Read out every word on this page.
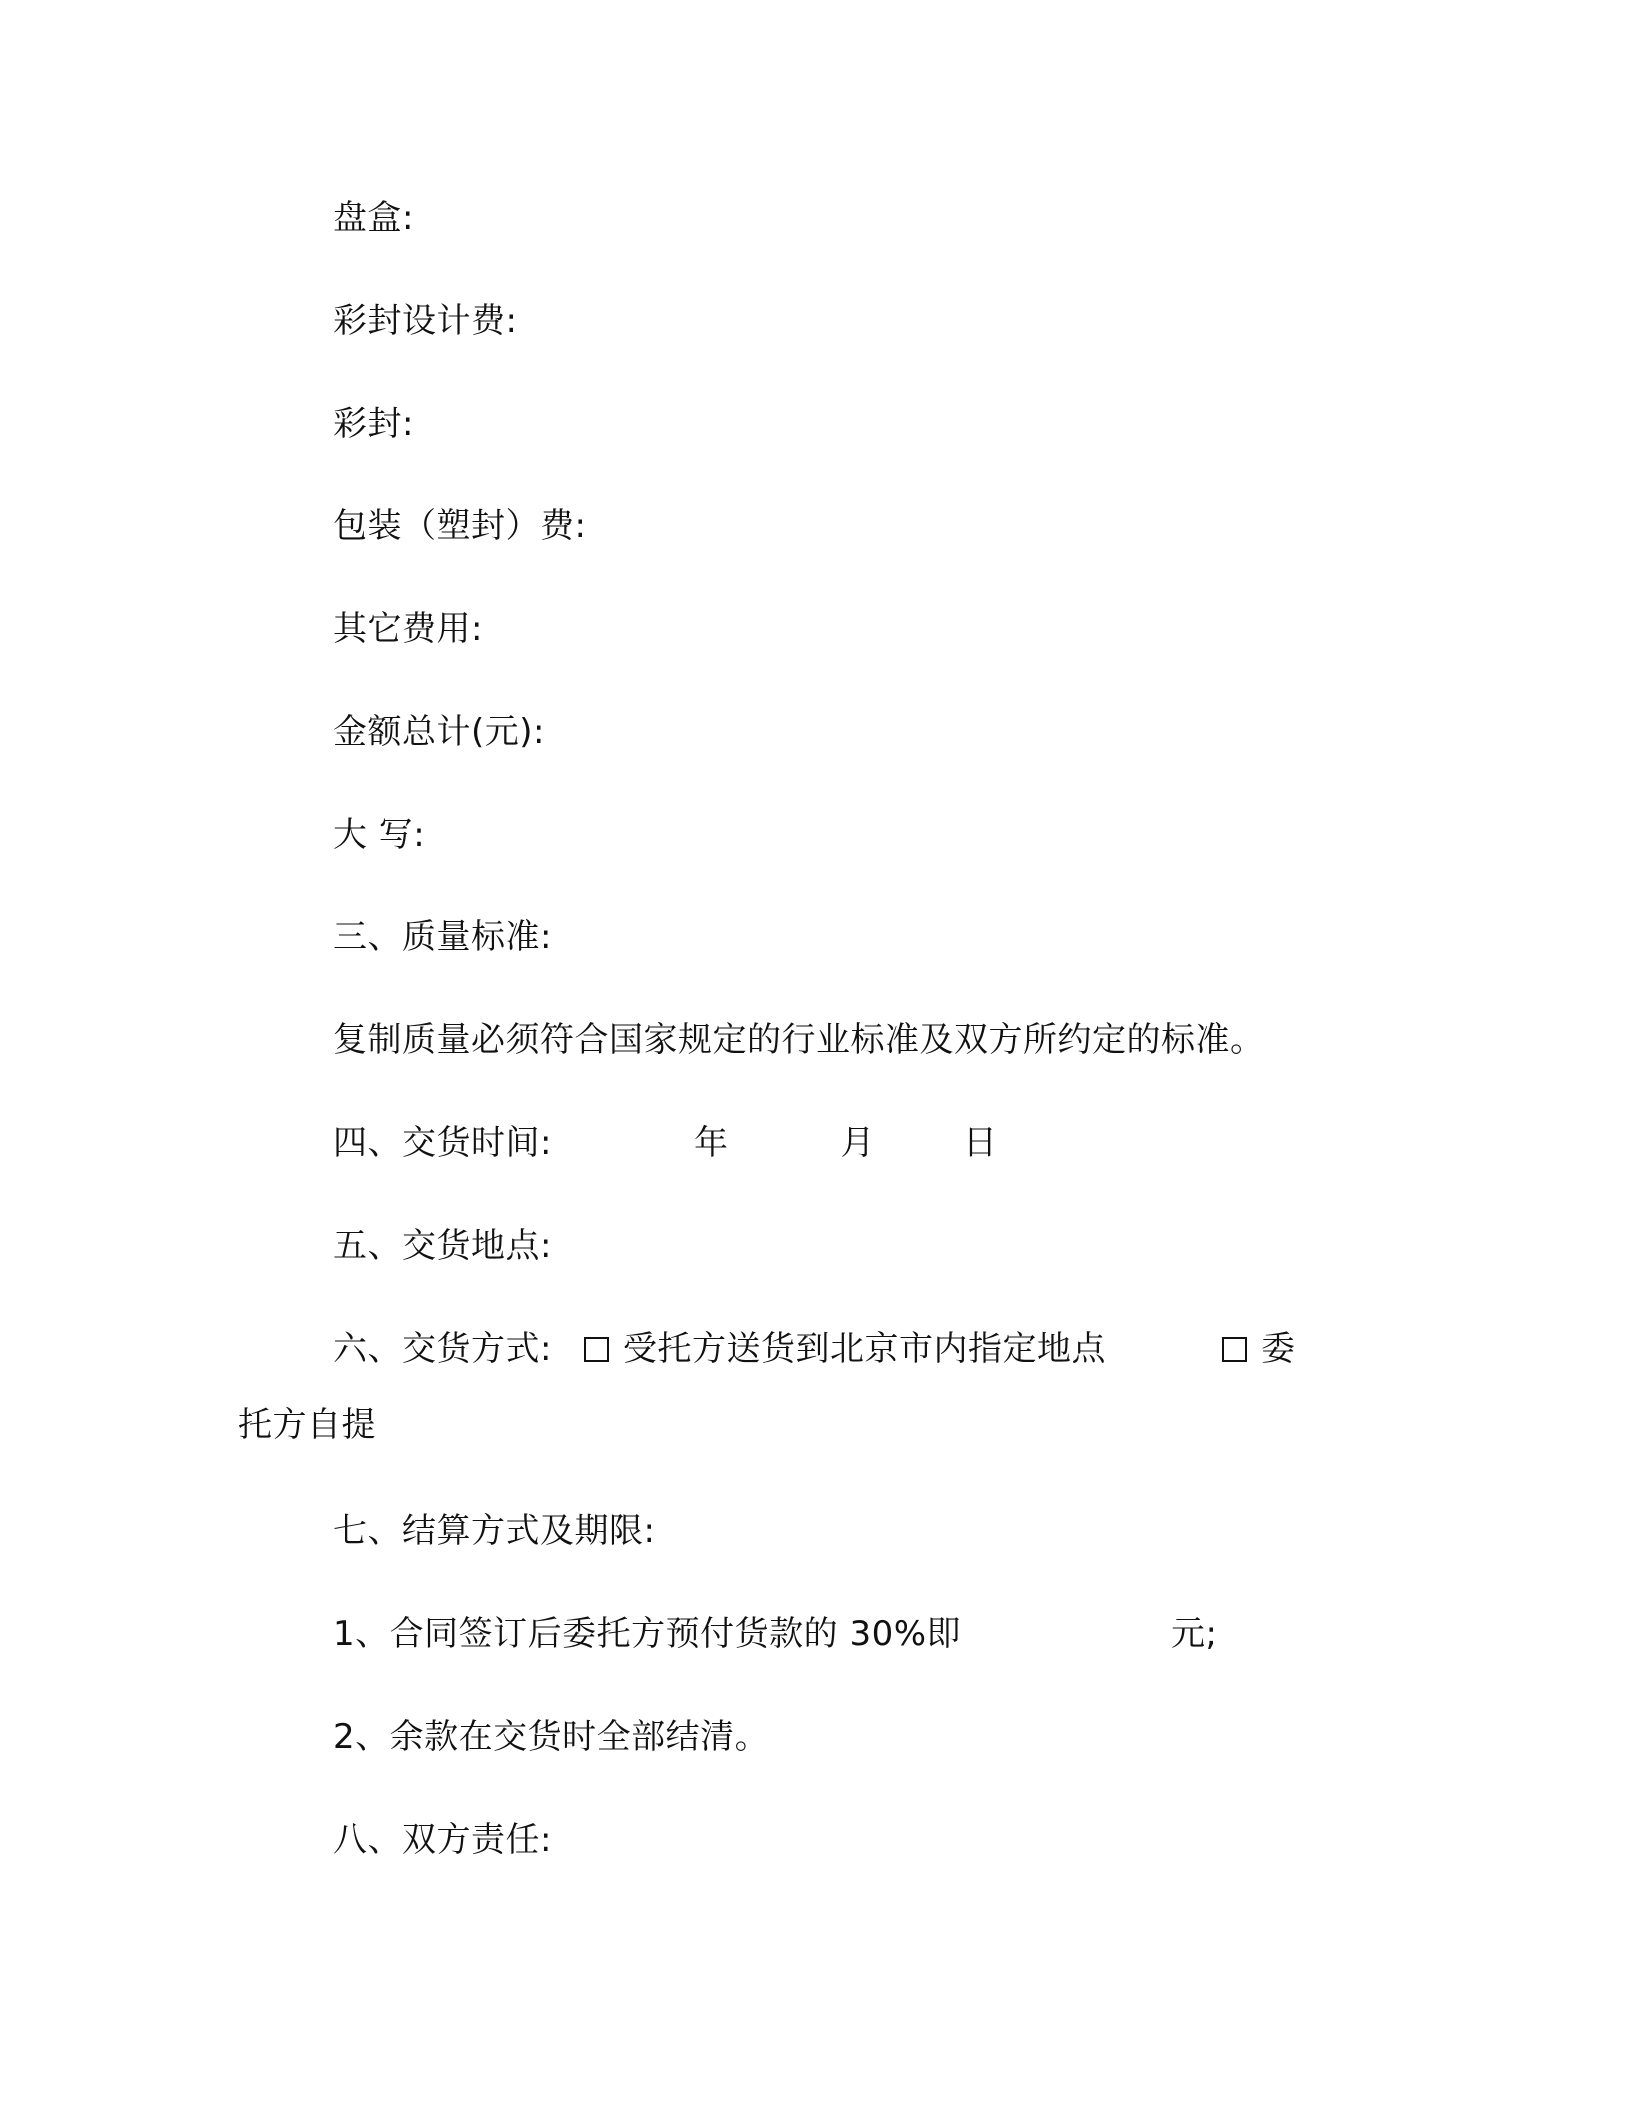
盘盒:
彩封设计费:
彩封:
包装（塑封）费:
其它费用:
金额总计(元):
大 写:
三、质量标准:
复制质量必须符合国家规定的行业标准及双方所约定的标准。
四、交货时间:	年	月	日
五、交货地点:
六、交货方式: 受托方送货到北京市内指定地点	委
托方自提
七、结算方式及期限:
1、合同签订后委托方预付货款的 30%即	元;
2、余款在交货时全部结清。
八、双方责任:
